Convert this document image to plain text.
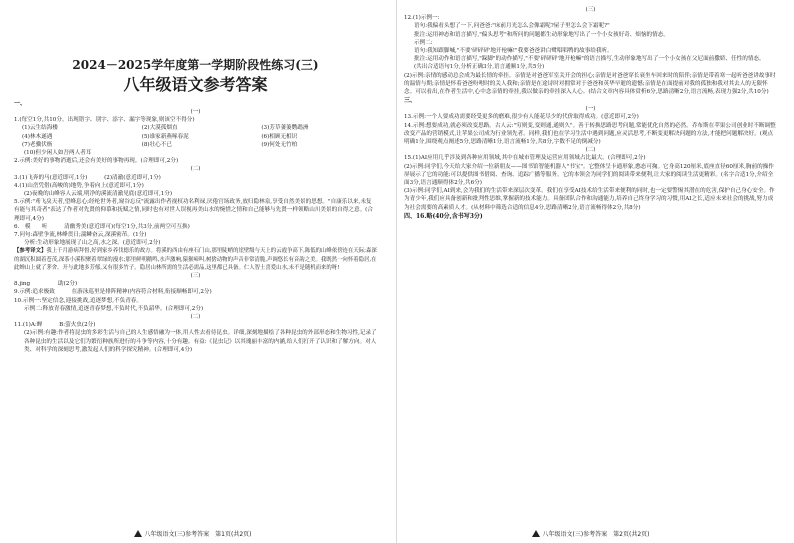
2024－2025学年度第一学期阶段性练习(三)
八年级语文参考答案
一、
(一)

1.(每空1分,共10分。出现错字、别字、添字、漏字等现象,则该空不得分)

(1)云生结海楼	(2)大漠孤烟直	(3)芳草萋萋鹦鹉洲
(4)林木遂遇	(5)谁家新燕啄春泥	(6)相顾无相识
(7)老骥伏枥	(8)壮心不已	(9)何处无竹柏

(10)但少闲人如吾两人者耳

2.示例:美好的事物消逝后,还会有美好的事物再现。(合理即可,2分)

(二)

3.(1)飞奔的马(意近即可,1分)　　　(2)清澈(意近即可,1分)

4.(1)山峦凭借(高峻的)地势,争着向上(意近即可,1分)

(2)夜晚的山峰容人云端,明净的溪流清澈见底(意近即可,1分)

5.示例:"鸢飞戾天者,望峰息心;经纶世务者,窥谷忘反"流露出作者视权功名利禄,厌倦官场政务,放归隐林泉,享受自然美景的思想。"自康乐以来,未复有能与其奇者"表达了作者对先贤的仰慕和抚赋之情,同时也有对世人误视再美山水的惋惜之情和自己能够与先贤一样领略山川美景的自得之意。(合理即可,4分)

6.　模　　听　　　清幽秀美(意近即可)(每空1分,共3分,前两空可互换)

7.问句:森壁争流,林峰贯日;湍鳞奋云,深溪密芾。(1分)

分析:生动形象地展现了山之高,水之深。(意近即可,2分)

【参考译文】我上千月游病拜督,好到家乡养伐德乐的故方。将溪的西由有座石门山,那里陡峭的崖壁级与天上的云霞争高下,陈低的山峰依傍连在天际;森深的湖沉积圆着苍茂,深茶小溪积聚着翠绿的漫水;那里鲜明鹅鸣,水声激响,猿猴啼叫,树猞动物的声音非常清脆,声调悠长有音韵之美。我既然一向怀着隐居,在此蝉山上就了茅舍。开与此地多芳郁,又有很多竹子。隐居山林所需的生活必需品,这里都已具备。仁人智士喜爱山水,未不是随机而来的呀!

(三)

8.jing　　　　　助(2分)

9.示例:追求极致　　　在游泳巡里是排阵精神(内容符合材料,衔接顺畅即可,2分)

10.示例一:坚定信念,迎接挑战,追逐梦想,不负青春。

示例二:释放青春激情,追逐青春梦想,不负时代,不负韶华。(合理即可,2分)

(二)

11.(1)A:蝉　　　B:萤火虫(2分)

(2)示例:有趣:作者将昆虫的多彩生活与自己的人生感悟融为一体,用人性去看待昆虫。详细,深刻地描绘了各种昆虫的外部形态和生物习性,记录了各种昆虫的生活以及它们为繁衍种族所进行的斗争等内容,十分有趣。有益:《昆虫记》以其瑰丽丰富的内涵,给人们打开了认识和了解方向。对人类、对科学的深刻思考,激发起人们的科学探究精神。(合理即可,4分)

八年级语文(三)参考答案　第1页(共2页)
(三)

12.(1)示例一:

语句:我偏看头想了一下,问爸爸:"床前月光怎么会像霜呢?屋子里怎么会下霜呢?"

批注:运用神态和语言描写,"偏头思考"和所问的问题都生动形象地写出了一个小女孩好奇、烦恼的情态。

示例二:

语句:我知跟脚喊,"不要'砰砰砰'地开枪嘛!"我要爸爸讲白鹭唱唱鸭的故事给我听。

批注:运用动作和语言描写,"跺脚"的动作描写,"不要'砰砰砰'地开枪嘛"的语言描写,生动形象地写出了一个小女孩在父尼面前撒娇、任性的情态。

(共出合适语句1分,分析正确3分,语言通顺1分,共5分)

(2)示例:亲情的感动总会成为最长情的牵挂。亲情是对爸爸军室关开会的担心;亲情是对爸爸穿长衰坐车回来时的陪伴;亲情是带着寒一起听爸爸讲故事时的温情与期;亲情是怀着爸爸吩咐时的关人我和;亲情是在途诗时对拥常对于爸爸和英华早逝的遗憾;亲情是在面提前对我的孤独和我对其去人的无限怀念。可以看出,在作者生活中,心中念亲情的牵挂,我以做亲的牵挂深入人心。(结合文章内容具体赏析6分,思路清晰2分,语言流畅,表现力强2分,共10分)

三、
(一)

13.示例:一个人要成功需要经受更多的磨难,很少有人能花尽少的代价取得成功。(意近即可,2分)

14.示例:想要成功,就必须改变思路。古人云:"穷则变,变则通,通则久"。善于转换思路思考问题,常能优化自然的必然。乔布斯在苹果公司创业时不断调整改变产品的营销模式,让苹果公司成为行业领先者。同样,我们也在学习生活中遇到问题,应灵活思考,不断变更解决问题的方法,才能把问题解决好。(观点明确1分,围绕观点阐述5分,思路清晰1分,语言流畅1分,共8分,字数不足的倒减分)

(二)

15.(1)AI应用几乎涉及到各种应用领域,其中在城市管理及运营应用领域占比最大。(合理即可,2分)

(2)示例:同学们,今天给大家介绍一位新朋友——图书馆智能机器人"书宝"。它整体呈卡通形象,憨态可掬。它身高120厘米,底座直径60厘米,胸前的操作屏展示了它的功能:可以提供图书借阅、查询、追踪广播等服务。它的本领会为同学们的阅读带来便利,让大家的阅读生活更精彩。(名字合适1分,介绍全面3分,语言通顺得体2分,共6分)

(3)示例:同学们,AI到来,会为我们的生活带来深层次变革。我们在享受AI技术给生活带来便利的同时,也一定要警惕其潜在的危害,保护自己身心安全。作为青少年,我们应具备创新和批判性思维,掌握新的技术能力。具备团队合作和沟通能力,培养自己终身学习的习惯,用AI之长,适应未来社会的挑战,努力成为社会需要的高素质人才。(从材料中筛选合适的信息4分,思路清晰2分,语言流畅得体2分,共8分)

四、16.略(40分,含书写3分)

八年级语文(三)参考答案　第2页(共2页)
